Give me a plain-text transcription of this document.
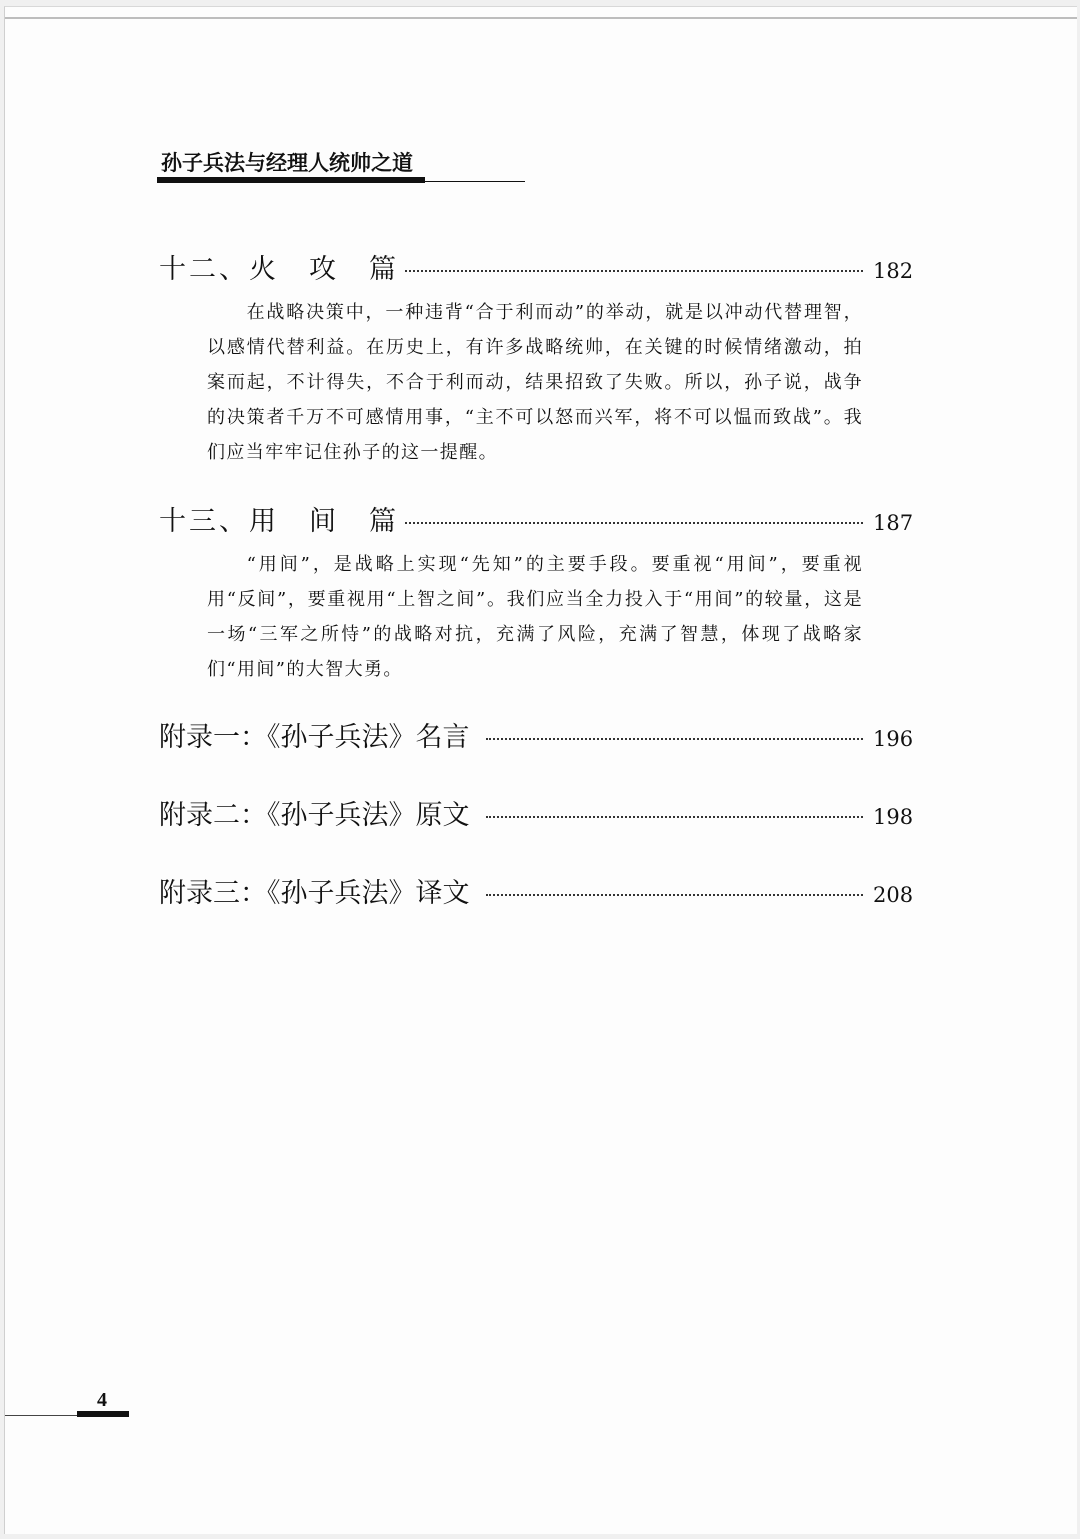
孙子兵法与经理人统帅之道
十二、火　攻　篇	182

在战略决策中，一种违背“合于利而动”的举动，就是以冲动代替理智，以感情代替利益。在历史上，有许多战略统帅，在关键的时候情绪激动，拍案而起，不计得失，不合于利而动，结果招致了失败。所以，孙子说，战争的决策者千万不可感情用事，“主不可以怒而兴军，将不可以愠而致战”。我们应当牢牢记住孙子的这一提醒。

十三、用　间　篇	187

“用间”，是战略上实现“先知”的主要手段。要重视“用间”，要重视用“反间”，要重视用“上智之间”。我们应当全力投入于“用间”的较量，这是一场“三军之所恃”的战略对抗，充满了风险，充满了智慧，体现了战略家们“用间”的大智大勇。

附录一：《孙子兵法》名言	196
附录二：《孙子兵法》原文	198
附录三：《孙子兵法》译文	208
4
